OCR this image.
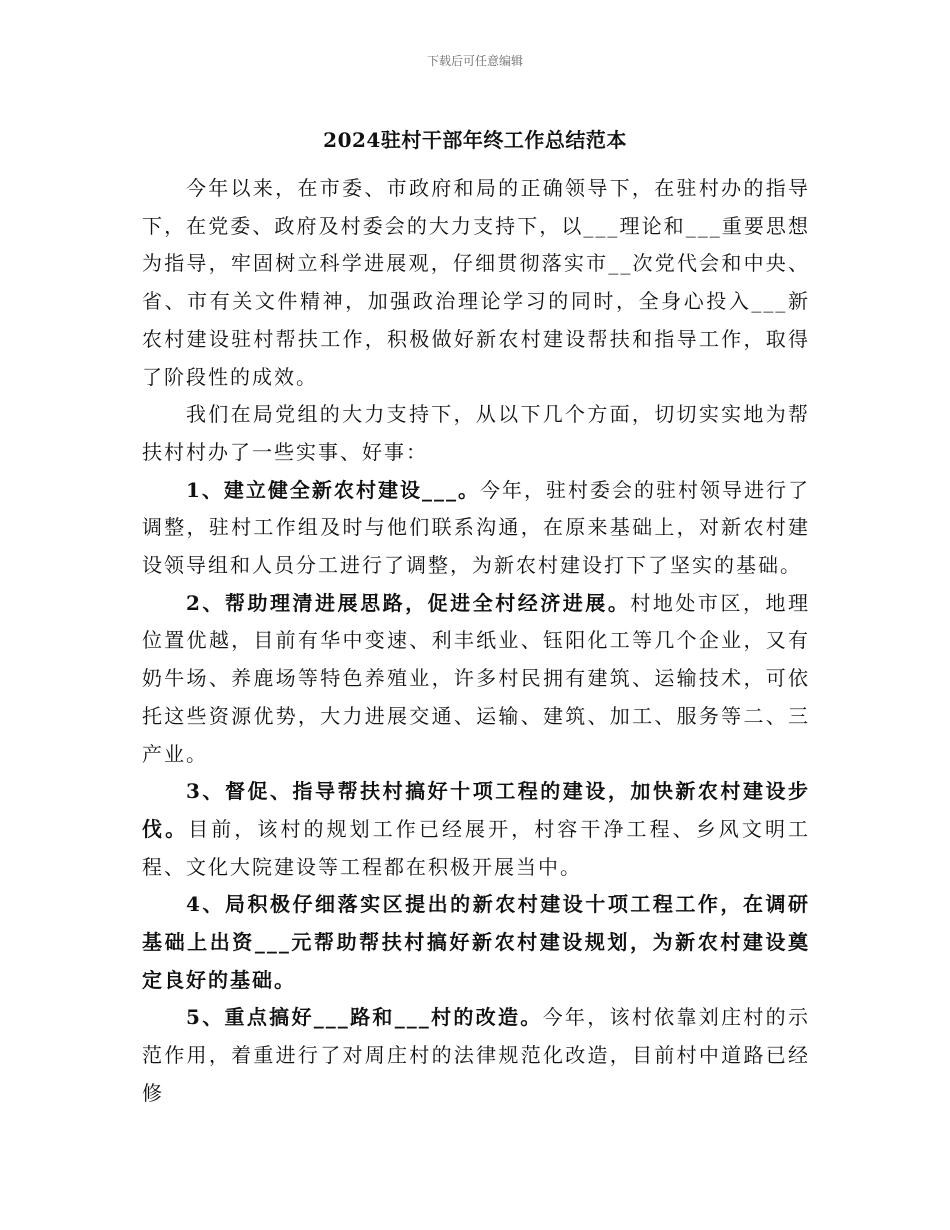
下载后可任意编辑
2024驻村干部年终工作总结范本

今年以来，在市委、市政府和局的正确领导下，在驻村办的指导下，在党委、政府及村委会的大力支持下，以___理论和___重要思想为指导，牢固树立科学进展观，仔细贯彻落实市__次党代会和中央、省、市有关文件精神，加强政治理论学习的同时，全身心投入___新农村建设驻村帮扶工作，积极做好新农村建设帮扶和指导工作，取得了阶段性的成效。

我们在局党组的大力支持下，从以下几个方面，切切实实地为帮扶村村办了一些实事、好事：

1、建立健全新农村建设___。今年，驻村委会的驻村领导进行了调整，驻村工作组及时与他们联系沟通，在原来基础上，对新农村建设领导组和人员分工进行了调整，为新农村建设打下了坚实的基础。

2、帮助理清进展思路，促进全村经济进展。村地处市区，地理位置优越，目前有华中变速、利丰纸业、钰阳化工等几个企业，又有奶牛场、养鹿场等特色养殖业，许多村民拥有建筑、运输技术，可依托这些资源优势，大力进展交通、运输、建筑、加工、服务等二、三产业。

3、督促、指导帮扶村搞好十项工程的建设，加快新农村建设步伐。目前，该村的规划工作已经展开，村容干净工程、乡风文明工程、文化大院建设等工程都在积极开展当中。

4、局积极仔细落实区提出的新农村建设十项工程工作，在调研基础上出资___元帮助帮扶村搞好新农村建设规划，为新农村建设奠定良好的基础。

5、重点搞好___路和___村的改造。今年，该村依靠刘庄村的示范作用，着重进行了对周庄村的法律规范化改造，目前村中道路已经修
